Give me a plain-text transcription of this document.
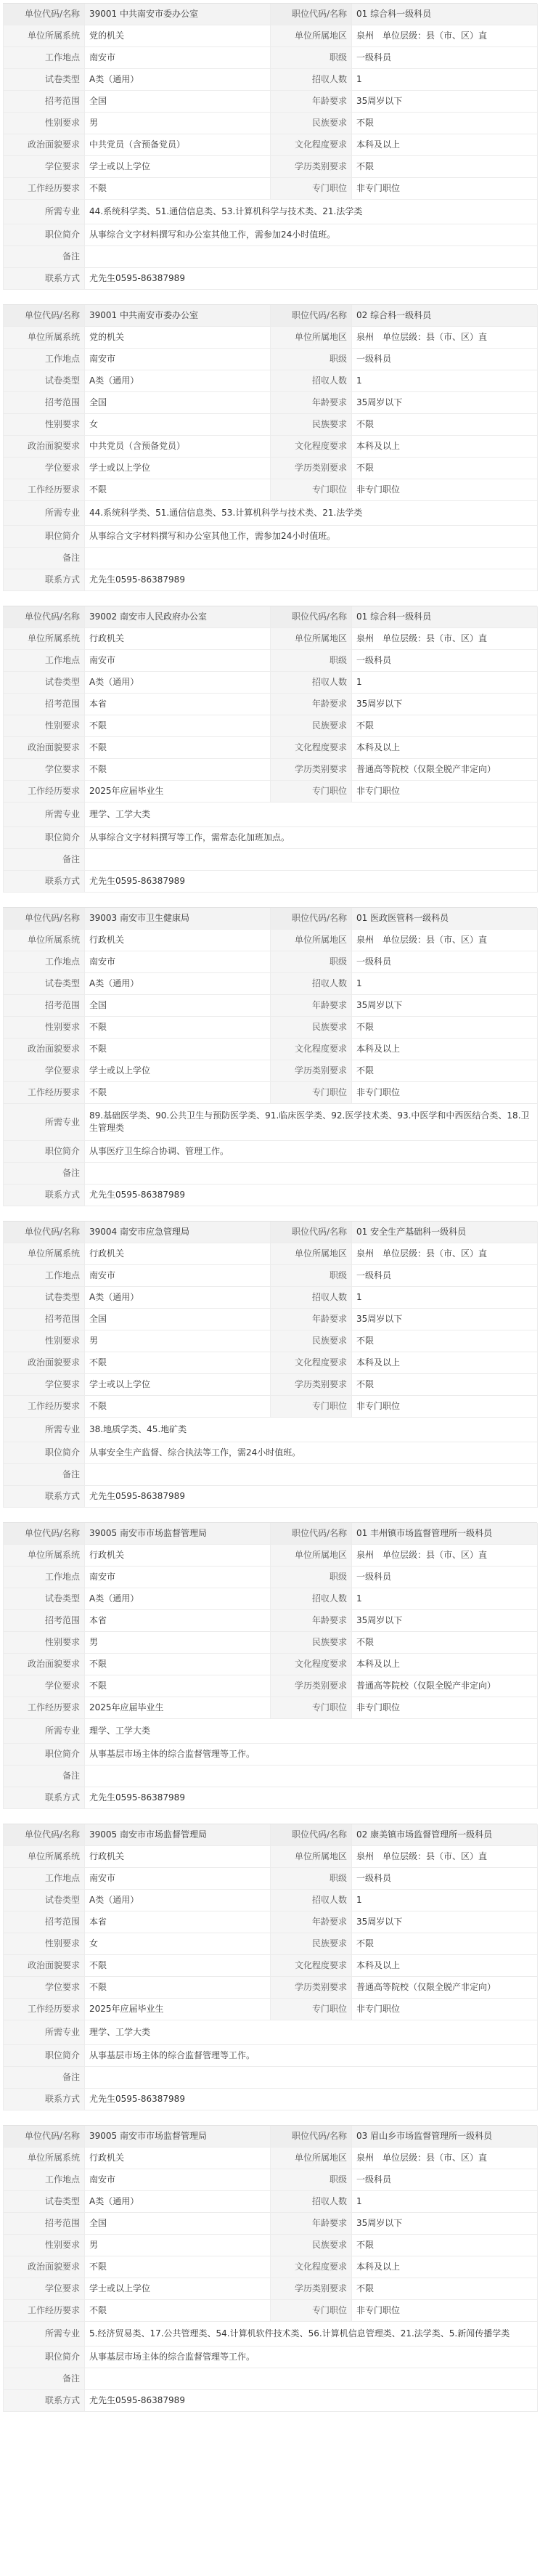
单位代码/名称	39001 中共南安市委办公室	职位代码/名称	01 综合科一级科员
单位所属系统	党的机关	单位所属地区	泉州　单位层级：县（市、区）直
工作地点	南安市	职级	一级科员
试卷类型	A类（通用）	招収人数	1
招考范围	全国	年龄要求	35周岁以下
性别要求	男	民族要求	不限
政治面貌要求	中共党员（含预备党员）	文化程度要求	本科及以上
学位要求	学士或以上学位	学历类别要求	不限
工作经历要求	不限	专门职位	非专门职位
所需专业	44.系统科学类、51.通信信息类、53.计算机科学与技术类、21.法学类		
职位简介	从事综合文字材料撰写和办公室其他工作，需参加24小时值班。		
备注			
联系方式	尤先生0595-86387989		
单位代码/名称	39001 中共南安市委办公室	职位代码/名称	02 综合科一级科员
单位所属系统	党的机关	单位所属地区	泉州　单位层级：县（市、区）直
工作地点	南安市	职级	一级科员
试卷类型	A类（通用）	招収人数	1
招考范围	全国	年龄要求	35周岁以下
性别要求	女	民族要求	不限
政治面貌要求	中共党员（含预备党员）	文化程度要求	本科及以上
学位要求	学士或以上学位	学历类别要求	不限
工作经历要求	不限	专门职位	非专门职位
所需专业	44.系统科学类、51.通信信息类、53.计算机科学与技术类、21.法学类		
职位简介	从事综合文字材料撰写和办公室其他工作，需参加24小时值班。		
备注			
联系方式	尤先生0595-86387989		
单位代码/名称	39002 南安市人民政府办公室	职位代码/名称	01 综合科一级科员
单位所属系统	行政机关	单位所属地区	泉州　单位层级：县（市、区）直
工作地点	南安市	职级	一级科员
试卷类型	A类（通用）	招収人数	1
招考范围	本省	年龄要求	35周岁以下
性别要求	不限	民族要求	不限
政治面貌要求	不限	文化程度要求	本科及以上
学位要求	不限	学历类别要求	普通高等院校（仅限全脱产非定向）
工作经历要求	2025年应届毕业生	专门职位	非专门职位
所需专业	理学、工学大类		
职位简介	从事综合文字材料撰写等工作，需常态化加班加点。		
备注			
联系方式	尤先生0595-86387989		
单位代码/名称	39003 南安市卫生健康局	职位代码/名称	01 医政医管科一级科员
单位所属系统	行政机关	单位所属地区	泉州　单位层级：县（市、区）直
工作地点	南安市	职级	一级科员
试卷类型	A类（通用）	招収人数	1
招考范围	全国	年龄要求	35周岁以下
性别要求	不限	民族要求	不限
政治面貌要求	不限	文化程度要求	本科及以上
学位要求	学士或以上学位	学历类别要求	不限
工作经历要求	不限	专门职位	非专门职位
所需专业	89.基础医学类、90.公共卫生与预防医学类、91.临床医学类、92.医学技术类、93.中医学和中西医结合类、18.卫生管理类		
职位简介	从事医疗卫生综合协调、管理工作。		
备注			
联系方式	尤先生0595-86387989		
单位代码/名称	39004 南安市应急管理局	职位代码/名称	01 安全生产基础科一级科员
单位所属系统	行政机关	单位所属地区	泉州　单位层级：县（市、区）直
工作地点	南安市	职级	一级科员
试卷类型	A类（通用）	招収人数	1
招考范围	全国	年龄要求	35周岁以下
性别要求	男	民族要求	不限
政治面貌要求	不限	文化程度要求	本科及以上
学位要求	学士或以上学位	学历类别要求	不限
工作经历要求	不限	专门职位	非专门职位
所需专业	38.地质学类、45.地矿类		
职位简介	从事安全生产监督、综合执法等工作，需24小时值班。		
备注			
联系方式	尤先生0595-86387989		
单位代码/名称	39005 南安市市场监督管理局	职位代码/名称	01 丰州镇市场监督管理所一级科员
单位所属系统	行政机关	单位所属地区	泉州　单位层级：县（市、区）直
工作地点	南安市	职级	一级科员
试卷类型	A类（通用）	招収人数	1
招考范围	本省	年龄要求	35周岁以下
性别要求	男	民族要求	不限
政治面貌要求	不限	文化程度要求	本科及以上
学位要求	不限	学历类别要求	普通高等院校（仅限全脱产非定向）
工作经历要求	2025年应届毕业生	专门职位	非专门职位
所需专业	理学、工学大类		
职位简介	从事基层市场主体的综合监督管理等工作。		
备注			
联系方式	尤先生0595-86387989		
单位代码/名称	39005 南安市市场监督管理局	职位代码/名称	02 康美镇市场监督管理所一级科员
单位所属系统	行政机关	单位所属地区	泉州　单位层级：县（市、区）直
工作地点	南安市	职级	一级科员
试卷类型	A类（通用）	招収人数	1
招考范围	本省	年龄要求	35周岁以下
性别要求	女	民族要求	不限
政治面貌要求	不限	文化程度要求	本科及以上
学位要求	不限	学历类别要求	普通高等院校（仅限全脱产非定向）
工作经历要求	2025年应届毕业生	专门职位	非专门职位
所需专业	理学、工学大类		
职位简介	从事基层市场主体的综合监督管理等工作。		
备注			
联系方式	尤先生0595-86387989		
单位代码/名称	39005 南安市市场监督管理局	职位代码/名称	03 眉山乡市场监督管理所一级科员
单位所属系统	行政机关	单位所属地区	泉州　单位层级：县（市、区）直
工作地点	南安市	职级	一级科员
试卷类型	A类（通用）	招収人数	1
招考范围	全国	年龄要求	35周岁以下
性别要求	男	民族要求	不限
政治面貌要求	不限	文化程度要求	本科及以上
学位要求	学士或以上学位	学历类别要求	不限
工作经历要求	不限	专门职位	非专门职位
所需专业	5.经济贸易类、17.公共管理类、54.计算机软件技术类、56.计算机信息管理类、21.法学类、5.新闻传播学类		
职位简介	从事基层市场主体的综合监督管理等工作。		
备注			
联系方式	尤先生0595-86387989		
